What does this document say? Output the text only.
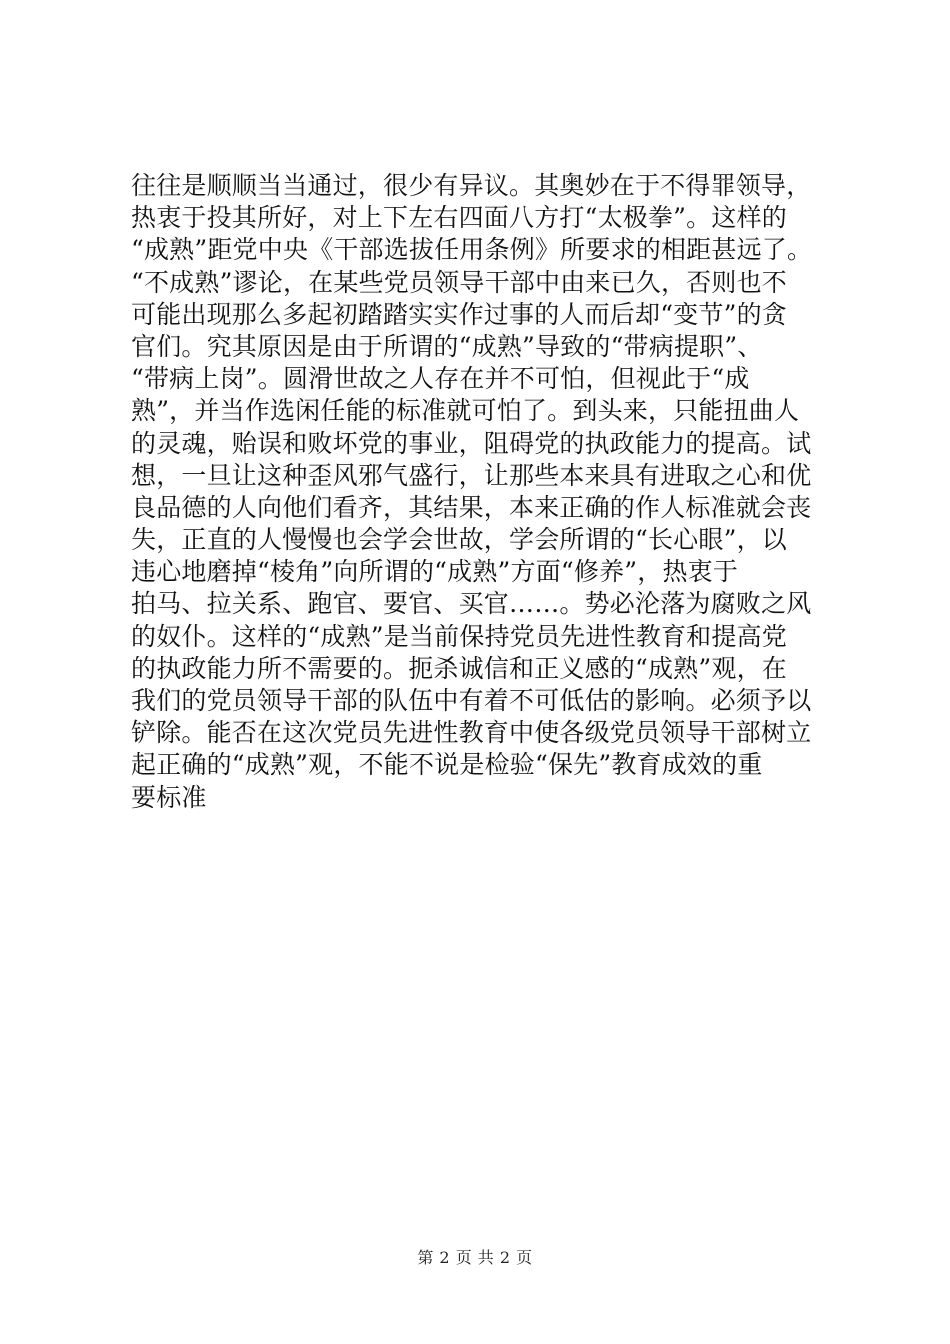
往往是顺顺当当通过，很少有异议。其奥妙在于不得罪领导，
热衷于投其所好，对上下左右四面八方打“太极拳”。这样的
“成熟”距党中央《干部选拔任用条例》所要求的相距甚远了。
“不成熟”谬论，在某些党员领导干部中由来已久，否则也不
可能出现那么多起初踏踏实实作过事的人而后却“变节”的贪
官们。究其原因是由于所谓的“成熟”导致的“带病提职”、
“带病上岗”。圆滑世故之人存在并不可怕，但视此于“成
熟”，并当作选闲任能的标准就可怕了。到头来，只能扭曲人
的灵魂，贻误和败坏党的事业，阻碍党的执政能力的提高。试
想，一旦让这种歪风邪气盛行，让那些本来具有进取之心和优
良品德的人向他们看齐，其结果，本来正确的作人标准就会丧
失，正直的人慢慢也会学会世故，学会所谓的“长心眼”，以
违心地磨掉“棱角”向所谓的“成熟”方面“修养”，热衷于
拍马、拉关系、跑官、要官、买官……。势必沦落为腐败之风
的奴仆。这样的“成熟”是当前保持党员先进性教育和提高党
的执政能力所不需要的。扼杀诚信和正义感的“成熟”观，在
我们的党员领导干部的队伍中有着不可低估的影响。必须予以
铲除。能否在这次党员先进性教育中使各级党员领导干部树立
起正确的“成熟”观，不能不说是检验“保先”教育成效的重
要标准
第 2 页 共 2 页
